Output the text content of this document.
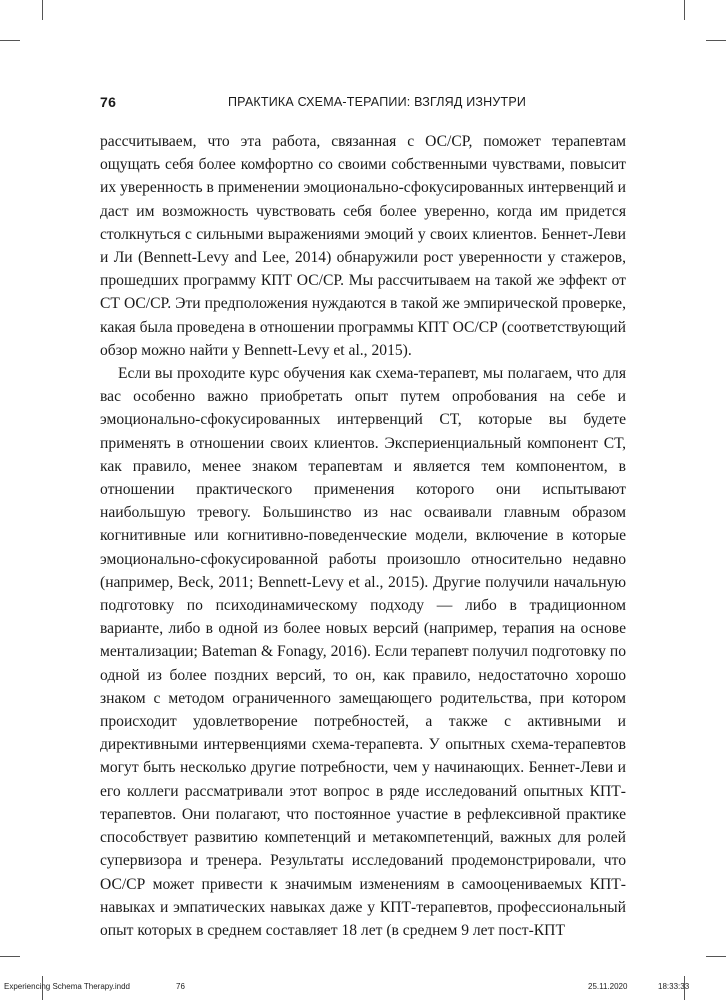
76	ПРАКТИКА СХЕМА-ТЕРАПИИ: ВЗГЛЯД ИЗНУТРИ

рассчитываем, что эта работа, связанная с ОС/СР, поможет терапевтам ощущать себя более комфортно со своими собственными чувствами, повысит их уверенность в применении эмоционально-сфокусированных интервенций и даст им возможность чувствовать себя более уверенно, когда им придется столкнуться с сильными выражениями эмоций у своих клиентов. Беннет-Леви и Ли (Bennett-Levy and Lee, 2014) обнаружили рост уверенности у стажеров, прошедших программу КПТ ОС/СР. Мы рассчитываем на такой же эффект от СТ ОС/СР. Эти предположения нуждаются в такой же эмпирической проверке, какая была проведена в отношении программы КПТ ОС/СР (соответствующий обзор можно найти у Bennett-Levy et al., 2015).

Если вы проходите курс обучения как схема-терапевт, мы полагаем, что для вас особенно важно приобретать опыт путем опробования на себе и эмоционально-сфокусированных интервенций СТ, которые вы будете применять в отношении своих клиентов. Экспериенциальный компонент СТ, как правило, менее знаком терапевтам и является тем компонентом, в отношении практического применения которого они испытывают наибольшую тревогу. Большинство из нас осваивали главным образом когнитивные или когнитивно-поведенческие модели, включение в которые эмоционально-сфокусированной работы произошло относительно недавно (например, Beck, 2011; Bennett-Levy et al., 2015). Другие получили начальную подготовку по психодинамическому подходу — либо в традиционном варианте, либо в одной из более новых версий (например, терапия на основе ментализации; Bateman & Fonagy, 2016). Если терапевт получил подготовку по одной из более поздних версий, то он, как правило, недостаточно хорошо знаком с методом ограниченного замещающего родительства, при котором происходит удовлетворение потребностей, а также с активными и директивными интервенциями схема-терапевта. У опытных схема-терапевтов могут быть несколько другие потребности, чем у начинающих. Беннет-Леви и его коллеги рассматривали этот вопрос в ряде исследований опытных КПТ-терапевтов. Они полагают, что постоянное участие в рефлексивной практике способствует развитию компетенций и метакомпетенций, важных для ролей супервизора и тренера. Результаты исследований продемонстрировали, что ОС/СР может привести к значимым изменениям в самооцениваемых КПТ-навыках и эмпатических навыках даже у КПТ-терапевтов, профессиональный опыт которых в среднем составляет 18 лет (в среднем 9 лет пост-КПТ

Experiencing Schema Therapy.indd	76	25.11.2020	18:33:33
